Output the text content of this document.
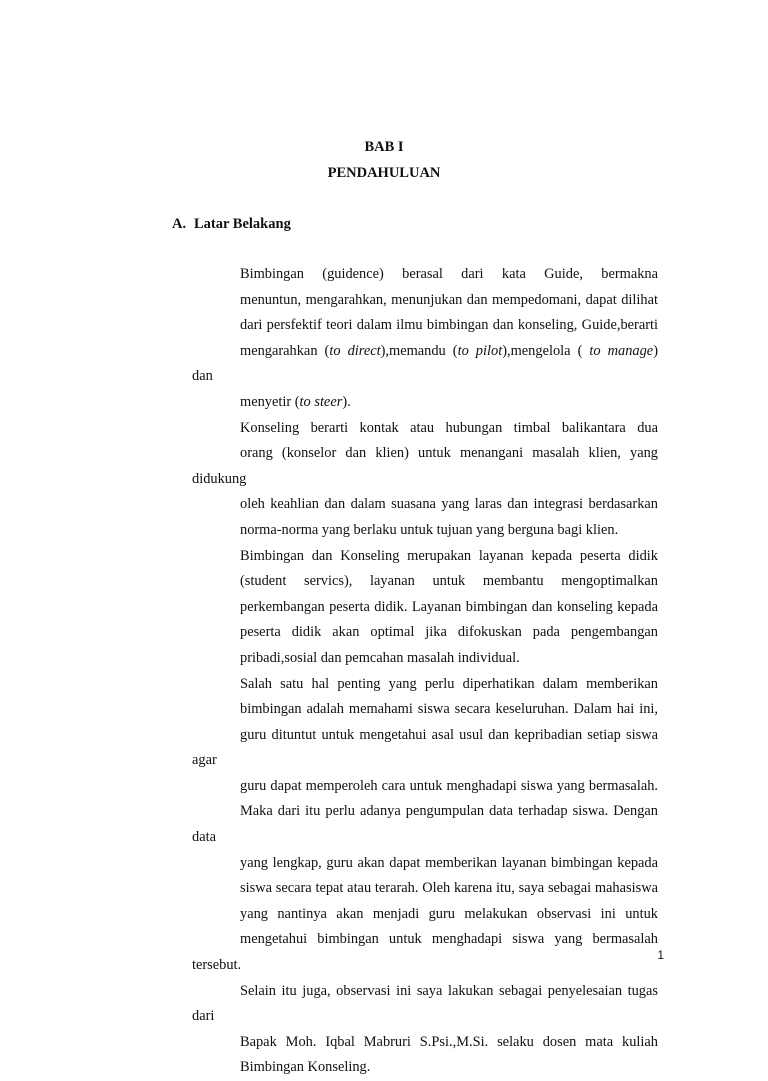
BAB I
PENDAHULUAN
A. Latar Belakang

Bimbingan (guidence) berasal dari kata Guide, bermakna
menuntun, mengarahkan, menunjukan dan mempedomani, dapat dilihat
dari persfektif teori dalam ilmu bimbingan dan konseling, Guide,berarti
mengarahkan (to direct),memandu (to pilot),mengelola ( to manage) dan
menyetir (to steer).

Konseling berarti kontak atau hubungan timbal balikantara dua
orang (konselor dan klien) untuk menangani masalah klien, yang didukung
oleh keahlian dan dalam suasana yang laras dan integrasi berdasarkan
norma-norma yang berlaku untuk tujuan yang berguna bagi klien.

Bimbingan dan Konseling merupakan layanan kepada peserta didik
(student servics), layanan untuk membantu mengoptimalkan
perkembangan peserta didik. Layanan bimbingan dan konseling kepada
peserta didik akan optimal jika difokuskan pada pengembangan
pribadi,sosial dan pemcahan masalah individual.

Salah satu hal penting yang perlu diperhatikan dalam memberikan
bimbingan adalah memahami siswa secara keseluruhan. Dalam hai ini,
guru dituntut untuk mengetahui asal usul dan kepribadian setiap siswa agar
guru dapat memperoleh cara untuk menghadapi siswa yang bermasalah.
Maka dari itu perlu adanya pengumpulan data terhadap siswa. Dengan data
yang lengkap, guru akan dapat memberikan layanan bimbingan kepada
siswa secara tepat atau terarah. Oleh karena itu, saya sebagai mahasiswa
yang nantinya akan menjadi guru melakukan observasi ini untuk
mengetahui bimbingan untuk menghadapi siswa yang bermasalah tersebut.
Selain itu juga, observasi ini saya lakukan sebagai penyelesaian tugas dari
Bapak Moh. Iqbal Mabruri S.Psi.,M.Si. selaku dosen mata kuliah
Bimbingan Konseling.

1
